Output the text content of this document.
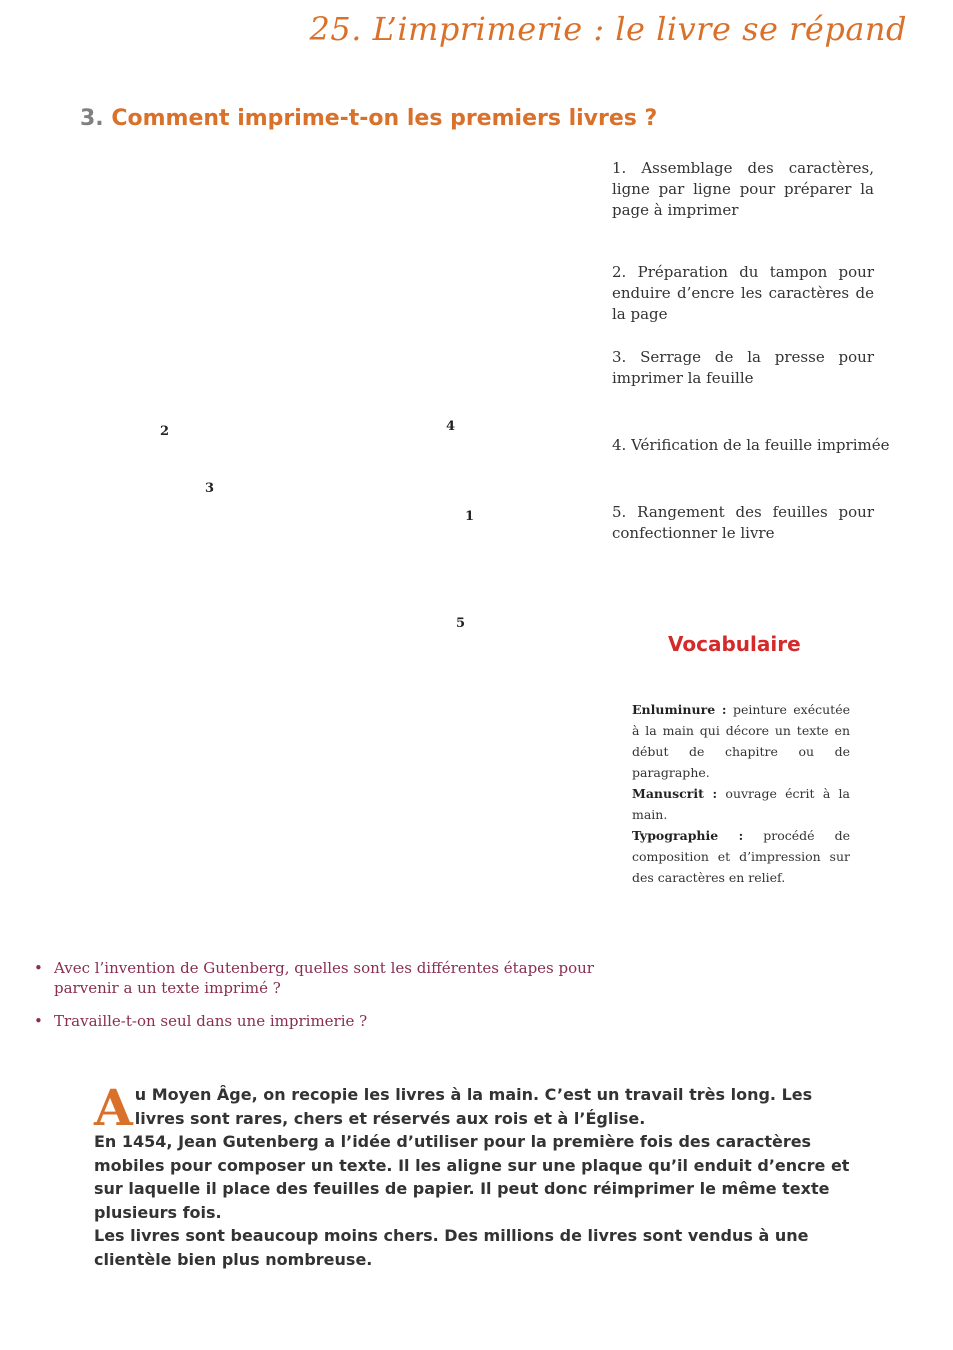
25. L’imprimerie : le livre se répand
3. Comment imprime-t-on les premiers livres ?
2	4
3
1
5
1. Assemblage des caractères, ligne par ligne pour préparer la page à imprimer
2. Préparation du tampon pour enduire d’encre les caractères de la page
3. Serrage de la presse pour imprimer la feuille
4. Vérification de la feuille imprimée
5. Rangement des feuilles pour confectionner le livre
Vocabulaire

Enluminure : peinture exécutée à la main qui décore un texte en début de chapitre ou de paragraphe.

Manuscrit : ouvrage écrit à la main.

Typographie : procédé de composition et d’impression sur des caractères en relief.

• Avec l’invention de Gutenberg, quelles sont les différentes étapes pour parvenir a un texte imprimé ?
• Travaille-t-on seul dans une imprimerie ?

Au Moyen Âge, on recopie les livres à la main. C’est un travail très long. Les livres sont rares, chers et réservés aux rois et à l’Église.

En 1454, Jean Gutenberg a l’idée d’utiliser pour la première fois des caractères mobiles pour composer un texte. Il les aligne sur une plaque qu’il enduit d’encre et sur laquelle il place des feuilles de papier. Il peut donc réimprimer le même texte plusieurs fois.

Les livres sont beaucoup moins chers. Des millions de livres sont vendus à une clientèle bien plus nombreuse.
